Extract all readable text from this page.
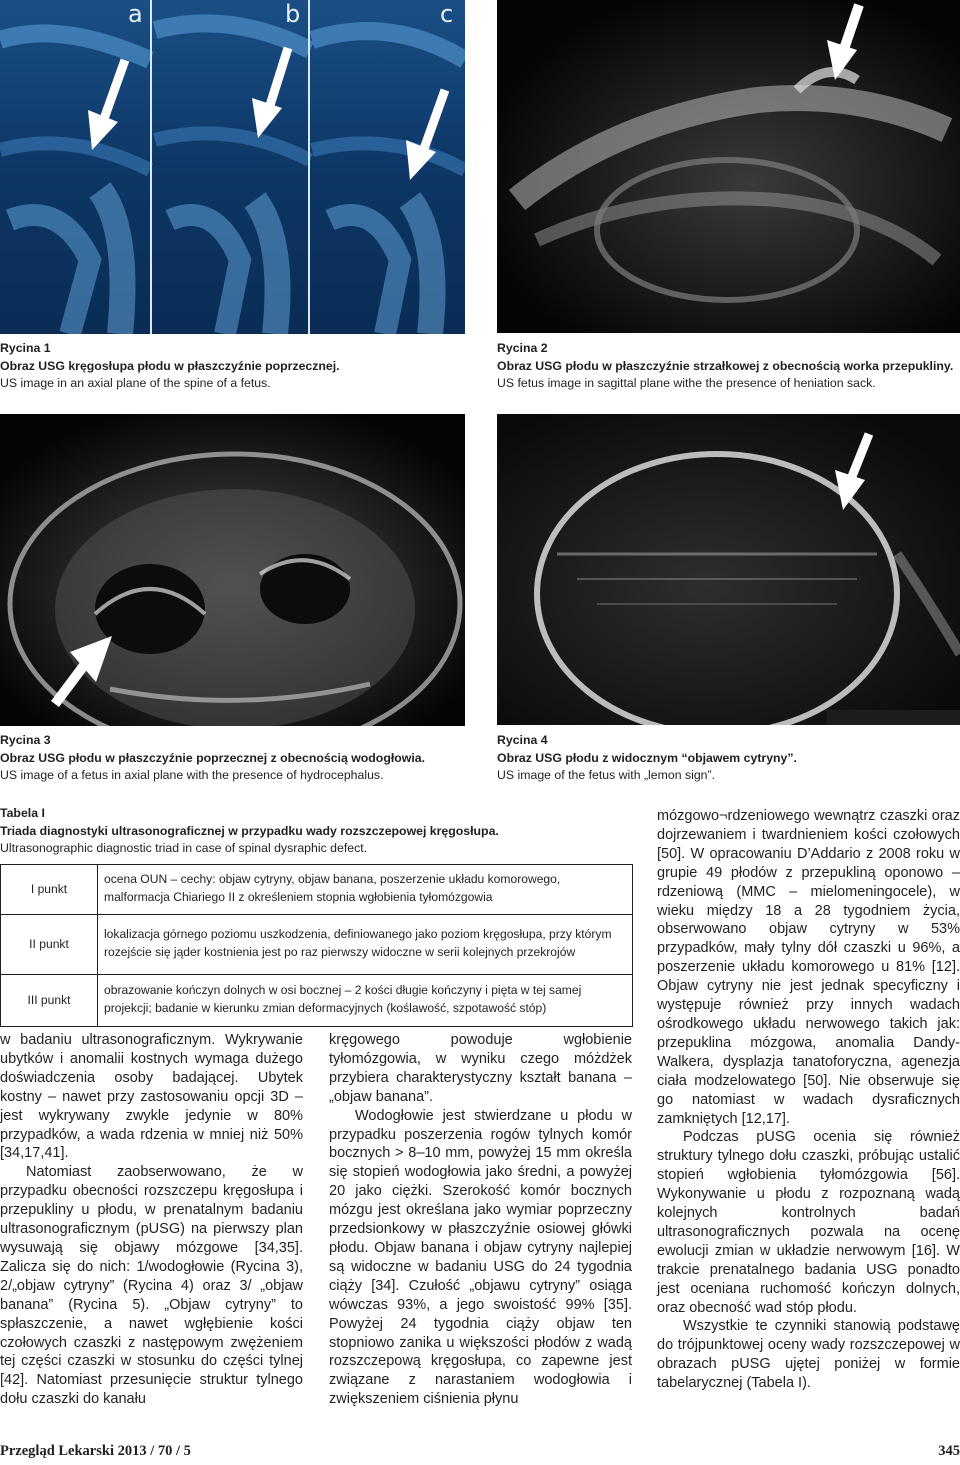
a	b	c
Rycina 1
Obraz USG kręgosłupa płodu w płaszczyźnie poprzecznej.
US image in an axial plane of the spine of a fetus.
Rycina 2
Obraz USG płodu w płaszczyźnie strzałkowej z obecnością worka przepukliny.
US fetus image in sagittal plane withe the presence of heniation sack.
Rycina 3
Obraz USG płodu w płaszczyźnie poprzecznej z obecnością wodogłowia.
US image of a fetus in axial plane with the presence of hydrocephalus.
Rycina 4
Obraz USG płodu z widocznym “objawem cytryny”.
US image of the fetus with „lemon sign”.
Tabela I
Triada diagnostyki ultrasonograficznej w przypadku wady rozszczepowej kręgosłupa.
Ultrasonographic diagnostic triad in case of spinal dysraphic defect.
I punkt	ocena OUN – cechy: objaw cytryny, objaw banana, poszerzenie układu komorowego, malformacja Chiariego II z określeniem stopnia wgłobienia tyłomózgowia
II punkt	lokalizacja górnego poziomu uszkodzenia, definiowanego jako poziom kręgosłupa, przy którym rozejście się jąder kostnienia jest po raz pierwszy widoczne w serii kolejnych przekrojów
III punkt	obrazowanie kończyn dolnych w osi bocznej – 2 kości długie kończyny i pięta w tej samej projekcji; badanie w kierunku zmian deformacyjnych (koślawość, szpotawość stóp)

w badaniu ultrasonograficznym. Wykrywanie ubytków i anomalii kostnych wymaga dużego doświadczenia osoby badającej. Ubytek kostny – nawet przy zastosowaniu opcji 3D – jest wykrywany zwykle jedynie w 80% przypadków, a wada rdzenia w mniej niż 50% [34,17,41].

Natomiast zaobserwowano, że w przypadku obecności rozszczepu kręgosłupa i przepukliny u płodu, w prenatalnym badaniu ultrasonograficznym (pUSG) na pierwszy plan wysuwają się objawy mózgowe [34,35]. Zalicza się do nich: 1/wodogłowie (Rycina 3), 2/„objaw cytryny” (Rycina 4) oraz 3/ „objaw banana” (Rycina 5). „Objaw cytryny” to spłaszczenie, a nawet wgłębienie kości czołowych czaszki z następowym zwężeniem tej części czaszki w stosunku do części tylnej [42]. Natomiast przesunięcie struktur tylnego dołu czaszki do kanału

kręgowego powoduje wgłobienie tyłomózgowia, w wyniku czego móżdżek przybiera charakterystyczny kształt banana – „objaw banana”.

Wodogłowie jest stwierdzane u płodu w przypadku poszerzenia rogów tylnych komór bocznych > 8–10 mm, powyżej 15 mm określa się stopień wodogłowia jako średni, a powyżej 20 jako ciężki. Szerokość komór bocznych mózgu jest określana jako wymiar poprzeczny przedsionkowy w płaszczyźnie osiowej główki płodu. Objaw banana i objaw cytryny najlepiej są widoczne w badaniu USG do 24 tygodnia ciąży [34]. Czułość „objawu cytryny” osiąga wówczas 93%, a jego swoistość 99% [35]. Powyżej 24 tygodnia ciąży objaw ten stopniowo zanika u większości płodów z wadą rozszczepową kręgosłupa, co zapewne jest związane z narastaniem wodogłowia i zwiększeniem ciśnienia płynu

mózgowo¬rdzeniowego wewnątrz czaszki oraz dojrzewaniem i twardnieniem kości czołowych [50]. W opracowaniu D’Addario z 2008 roku w grupie 49 płodów z przepukliną oponowo – rdzeniową (MMC – mielomeningocele), w wieku między 18 a 28 tygodniem życia, obserwowano objaw cytryny w 53% przypadków, mały tylny dół czaszki u 96%, a poszerzenie układu komorowego u 81% [12]. Objaw cytryny nie jest jednak specyficzny i występuje również przy innych wadach ośrodkowego układu nerwowego takich jak: przepuklina mózgowa, anomalia Dandy-Walkera, dysplazja tanatoforyczna, agenezja ciała modzelowatego [50]. Nie obserwuje się go natomiast w wadach dysraficznych zamkniętych [12,17].

Podczas pUSG ocenia się również struktury tylnego dołu czaszki, próbując ustalić stopień wgłobienia tyłomózgowia [56]. Wykonywanie u płodu z rozpoznaną wadą kolejnych kontrolnych badań ultrasonograficznych pozwala na ocenę ewolucji zmian w układzie nerwowym [16]. W trakcie prenatalnego badania USG ponadto jest oceniana ruchomość kończyn dolnych, oraz obecność wad stóp płodu.

Wszystkie te czynniki stanowią podstawę do trójpunktowej oceny wady rozszczepowej w obrazach pUSG ujętej poniżej w formie tabelarycznej (Tabela I).

Przegląd Lekarski 2013 / 70 / 5	345
